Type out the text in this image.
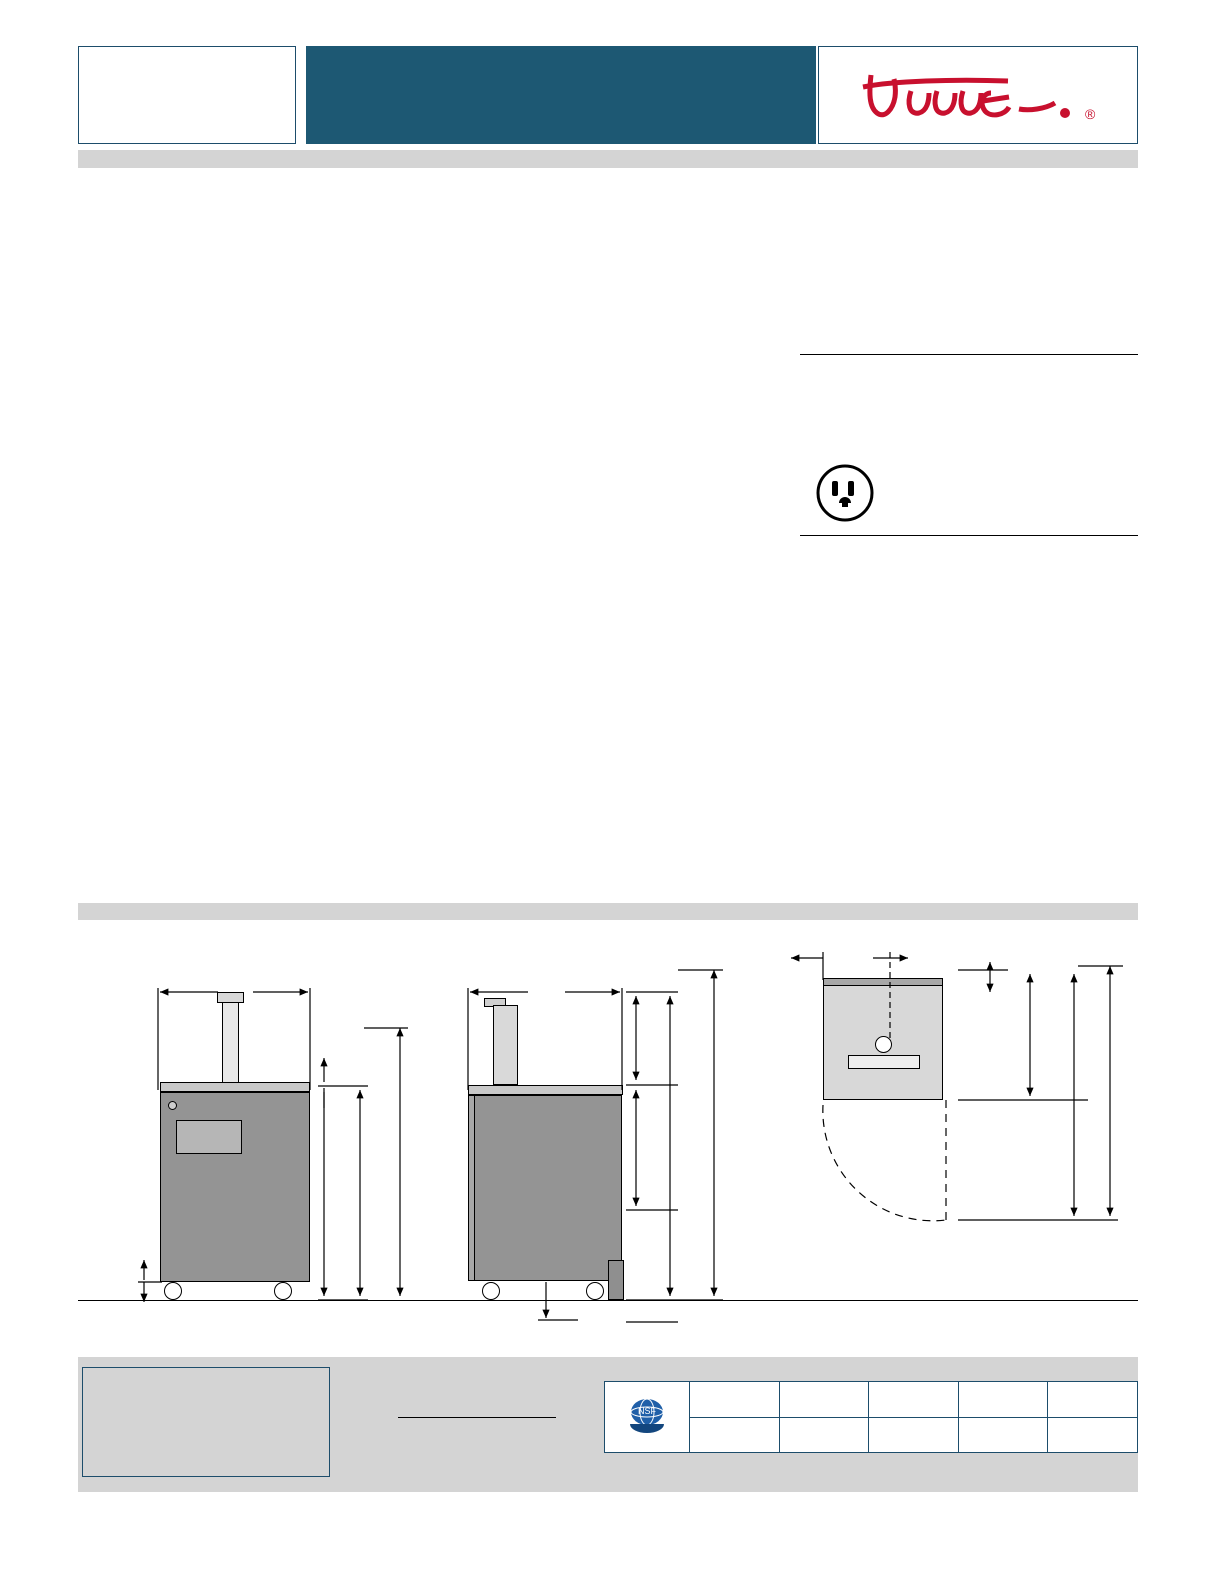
®
NSF					
